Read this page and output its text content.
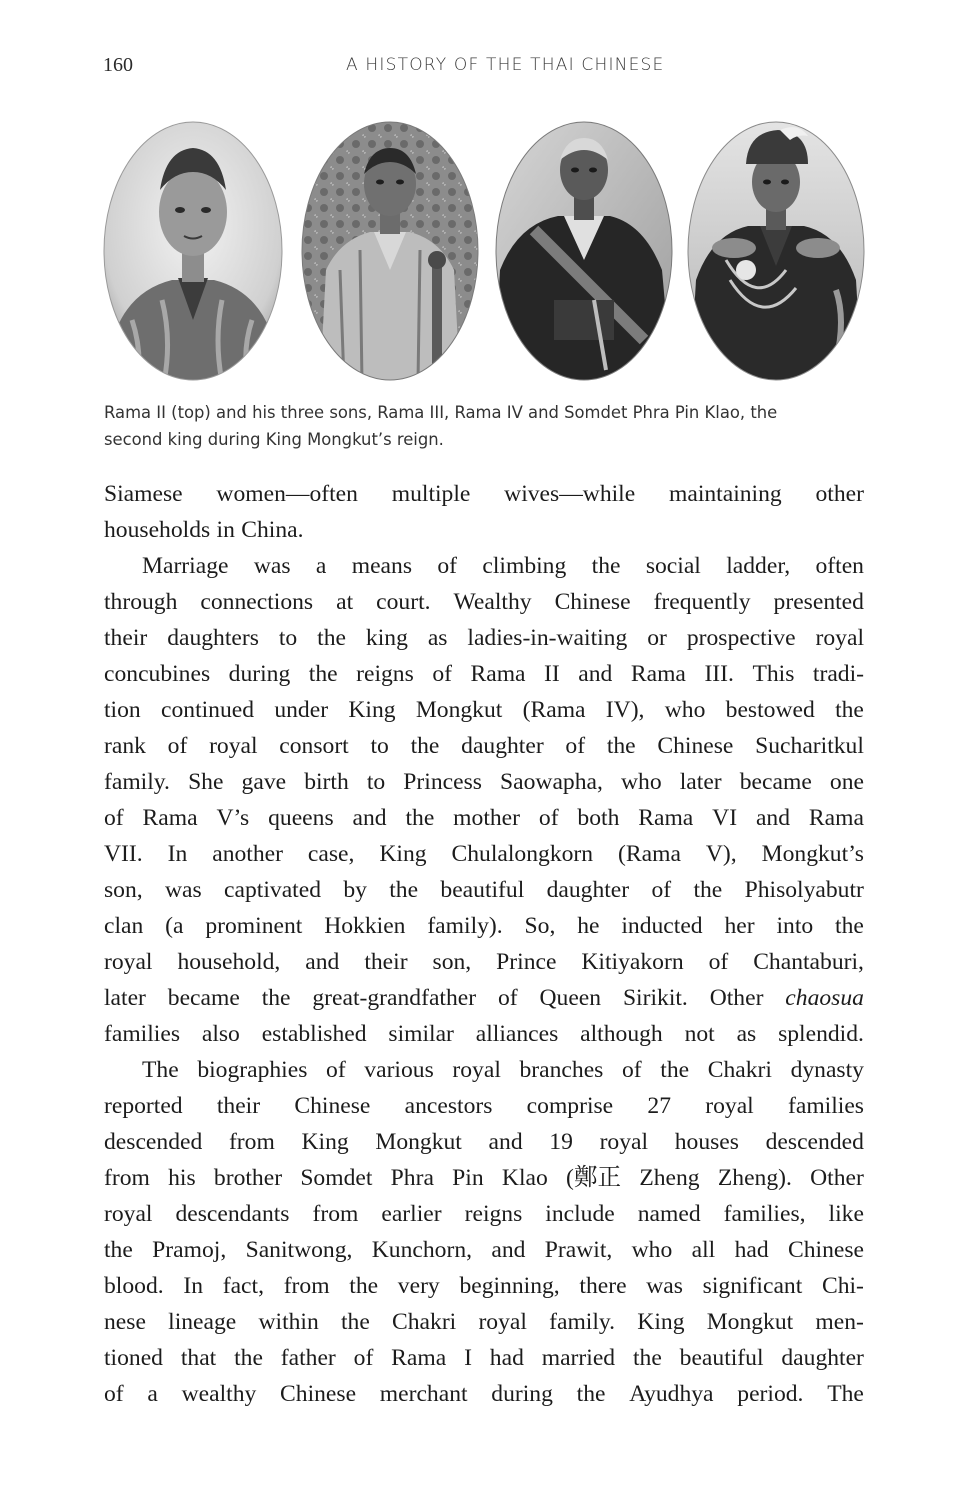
160	A HISTORY OF THE THAI CHINESE
Rama II (top) and his three sons, Rama III, Rama IV and Somdet Phra Pin Klao, the
second king during King Mongkut’s reign.
Siamese women—often multiple wives—while maintaining other
households in China.
Marriage was a means of climbing the social ladder, often
through connections at court. Wealthy Chinese frequently presented
their daughters to the king as ladies-in-waiting or prospective royal
concubines during the reigns of Rama II and Rama III. This tradi-
tion continued under King Mongkut (Rama IV), who bestowed the
rank of royal consort to the daughter of the Chinese Sucharitkul
family. She gave birth to Princess Saowapha, who later became one
of Rama V’s queens and the mother of both Rama VI and Rama
VII. In another case, King Chulalongkorn (Rama V), Mongkut’s
son, was captivated by the beautiful daughter of the Phisolyabutr
clan (a prominent Hokkien family). So, he inducted her into the
royal household, and their son, Prince Kitiyakorn of Chantaburi,
later became the great-grandfather of Queen Sirikit. Other chaosua
families also established similar alliances although not as splendid.
The biographies of various royal branches of the Chakri dynasty
reported their Chinese ancestors comprise 27 royal families
descended from King Mongkut and 19 royal houses descended
from his brother Somdet Phra Pin Klao (鄭正 Zheng Zheng). Other
royal descendants from earlier reigns include named families, like
the Pramoj, Sanitwong, Kunchorn, and Prawit, who all had Chinese
blood. In fact, from the very beginning, there was significant Chi-
nese lineage within the Chakri royal family. King Mongkut men-
tioned that the father of Rama I had married the beautiful daughter
of a wealthy Chinese merchant during the Ayudhya period. The
